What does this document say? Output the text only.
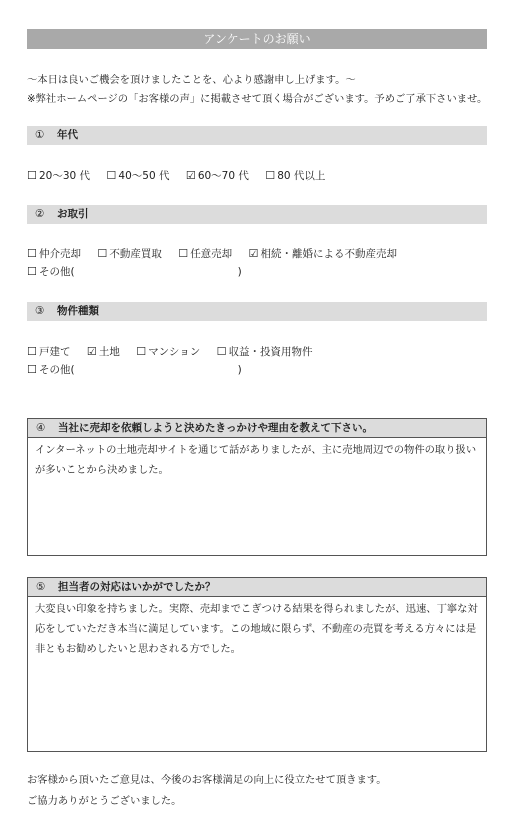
アンケートのお願い
〜本日は良いご機会を頂けましたことを、心より感謝申し上げます。〜
※弊社ホームページの「お客様の声」に掲載させて頂く場合がございます。予めご了承下さいませ。
① 年代
☐ 20〜30 代 ☐ 40〜50 代 ☑ 60〜70 代 ☐ 80 代以上
② お取引
☐ 仲介売却 ☐ 不動産買取 ☐ 任意売却 ☑ 相続・離婚による不動産売却
☐ その他(	)
③ 物件種類
☐ 戸建て ☑ 土地 ☐ マンション ☐ 収益・投資用物件
☐ その他(	)
④ 当社に売却を依頼しようと決めたきっかけや理由を教えて下さい。
インターネットの土地売却サイトを通じて話がありましたが、主に売地周辺での物件の取り扱い
が多いことから決めました。
⑤ 担当者の対応はいかがでしたか？
大変良い印象を持ちました。実際、売却までこぎつける結果を得られましたが、迅速、丁寧な対
応をしていただき本当に満足しています。この地域に限らず、不動産の売買を考える方々には是
非ともお勧めしたいと思わされる方でした。
お客様から頂いたご意見は、今後のお客様満足の向上に役立たせて頂きます。
ご協力ありがとうございました。
